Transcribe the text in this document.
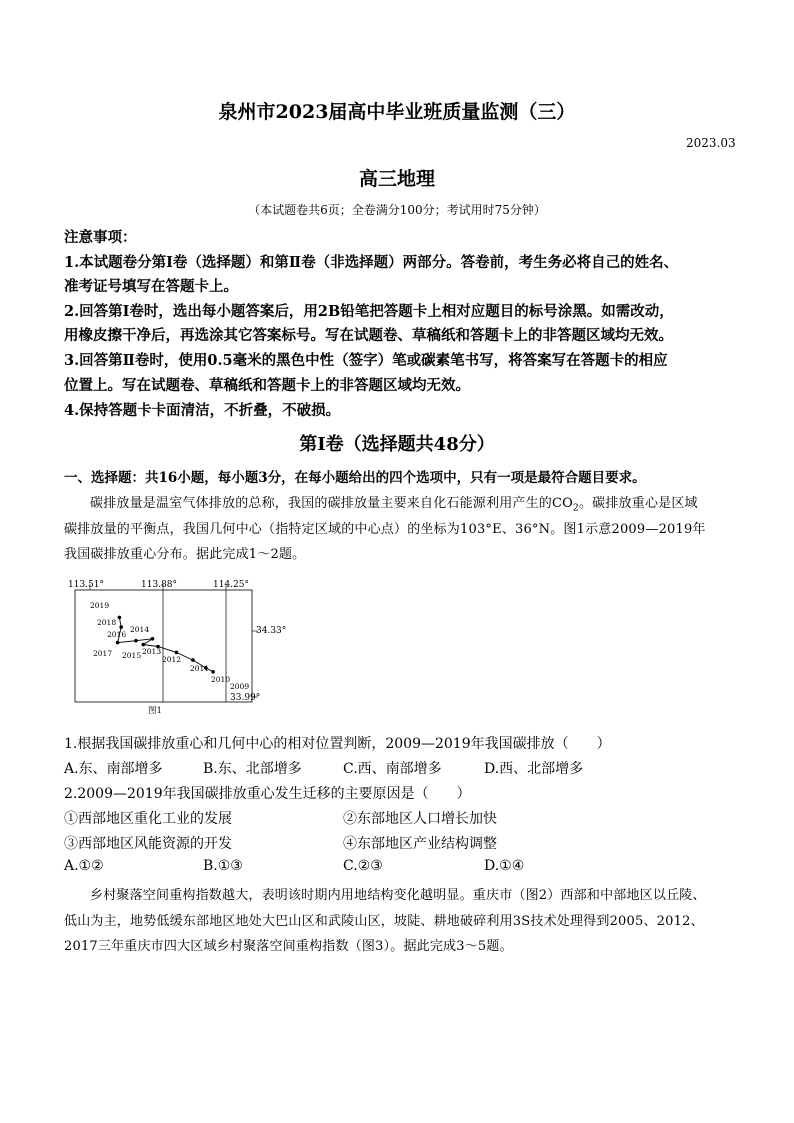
泉州市2023届高中毕业班质量监测（三）
2023.03
高三地理
（本试题卷共6页；全卷满分100分；考试用时75分钟）
注意事项：
1.本试题卷分第Ⅰ卷（选择题）和第Ⅱ卷（非选择题）两部分。答卷前，考生务必将自己的姓名、
准考证号填写在答题卡上。
2.回答第Ⅰ卷时，选出每小题答案后，用2B铅笔把答题卡上相对应题目的标号涂黑。如需改动，
用橡皮擦干净后，再选涂其它答案标号。写在试题卷、草稿纸和答题卡上的非答题区域均无效。
3.回答第Ⅱ卷时，使用0.5毫米的黑色中性（签字）笔或碳素笔书写，将答案写在答题卡的相应
位置上。写在试题卷、草稿纸和答题卡上的非答题区域均无效。
4.保持答题卡卡面清洁，不折叠，不破损。
第Ⅰ卷（选择题共48分）
一、选择题：共16小题，每小题3分，在每小题给出的四个选项中，只有一项是最符合题目要求。
碳排放量是温室气体排放的总称，我国的碳排放量主要来自化石能源利用产生的$CO_2$。碳排放重心是区域
碳排放量的平衡点，我国几何中心（指特定区域的中心点）的坐标为103°E、36°N。图1示意2009—2019年
我国碳排放重心分布。据此完成1～2题。
113.51°	113.88°	114.25°
34.33°
33.99°
2019
2018
2016
2014
2017 2015 2013
2012
2011
2010
2009
图1
1.根据我国碳排放重心和几何中心的相对位置判断，2009—2019年我国碳排放（　　）
A.东、南部增多	B.东、北部增多	C.西、南部增多	D.西、北部增多
2.2009—2019年我国碳排放重心发生迁移的主要原因是（　　）
①西部地区重化工业的发展	②东部地区人口增长加快
③西部地区风能资源的开发	④东部地区产业结构调整
A.①②	B.①③	C.②③	D.①④
乡村聚落空间重构指数越大，表明该时期内用地结构变化越明显。重庆市（图2）西部和中部地区以丘陵、
低山为主，地势低缓东部地区地处大巴山区和武陵山区，坡陡、耕地破碎利用3S技术处理得到2005、2012、
2017三年重庆市四大区域乡村聚落空间重构指数（图3）。据此完成3～5题。
